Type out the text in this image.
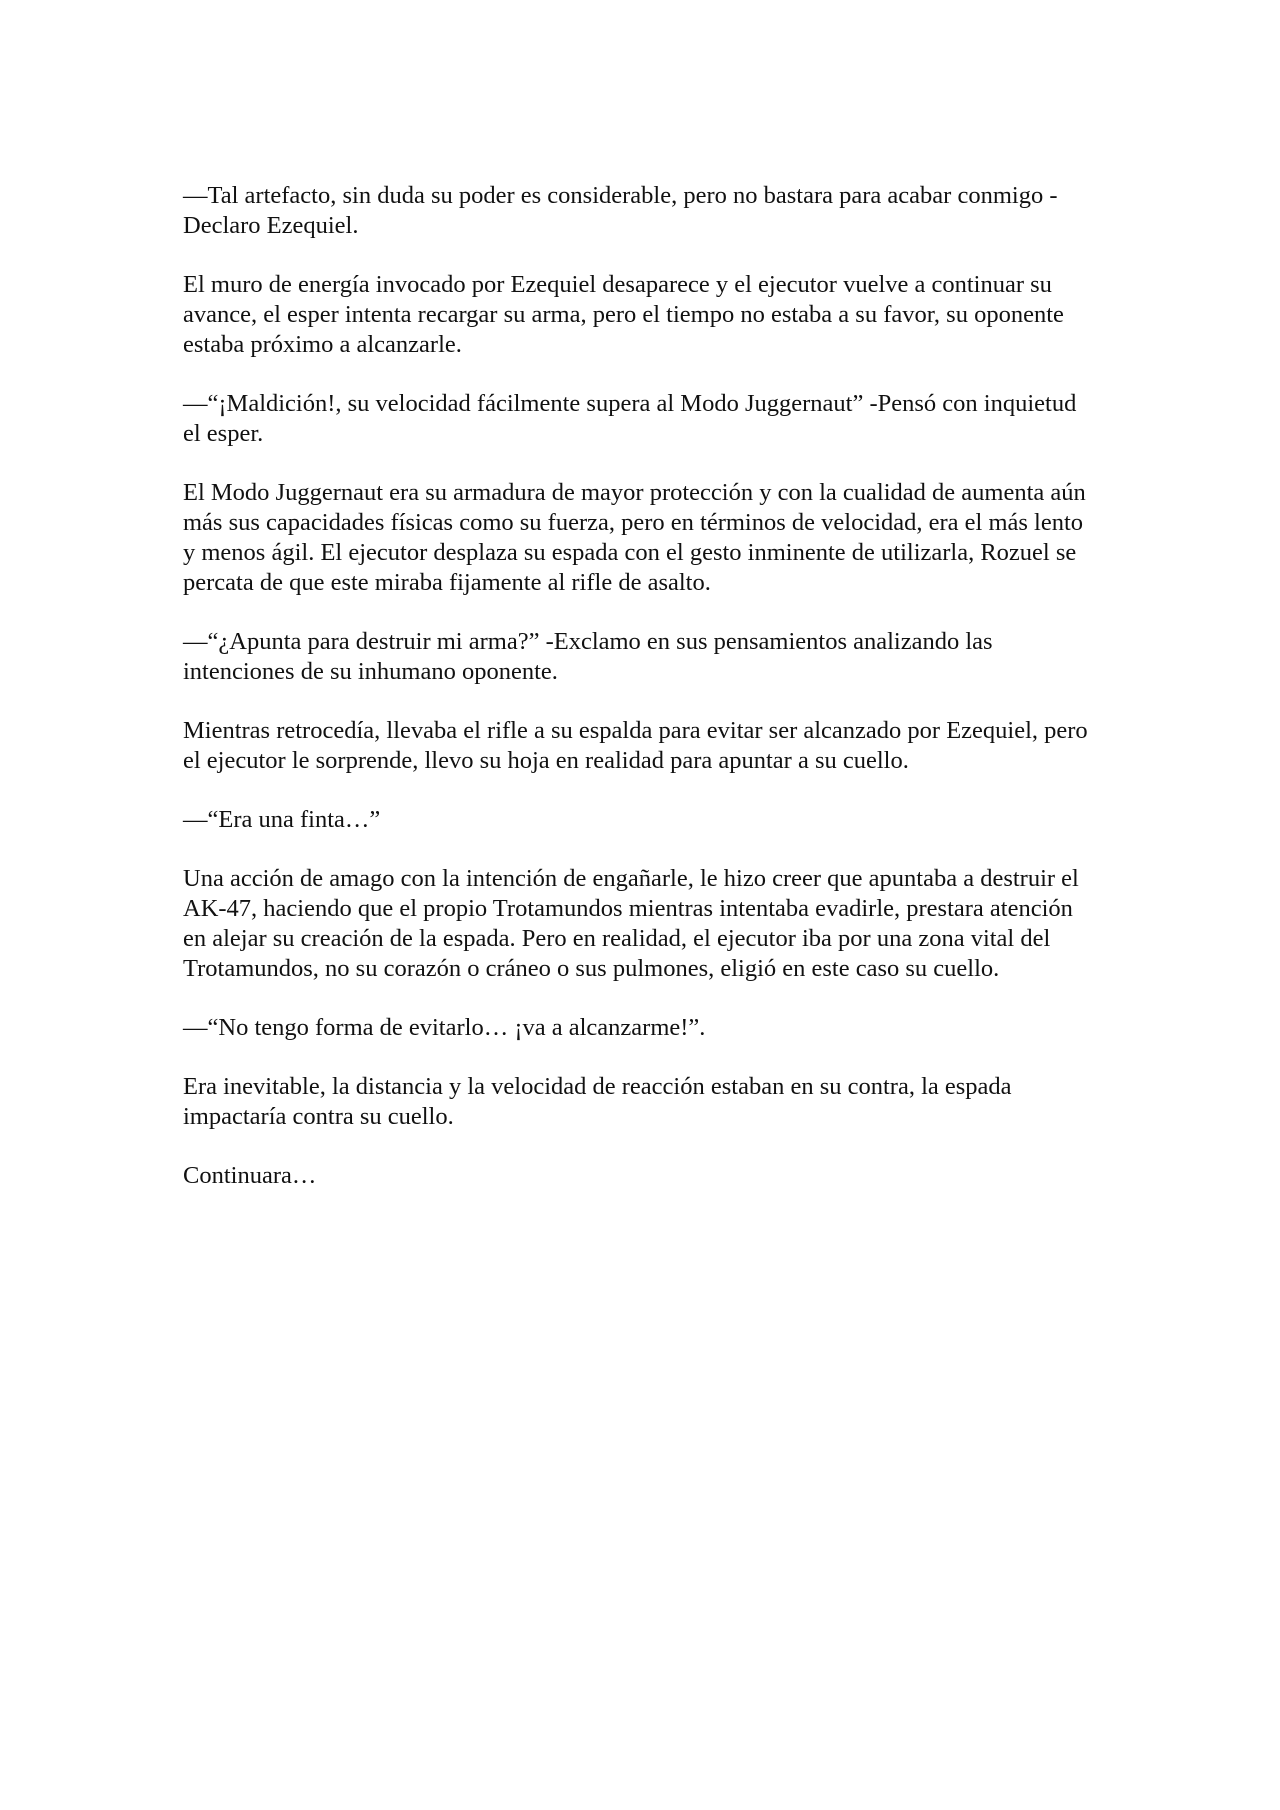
—Tal artefacto, sin duda su poder es considerable, pero no bastara para acabar conmigo -Declaro Ezequiel.

El muro de energía invocado por Ezequiel desaparece y el ejecutor vuelve a continuar su avance, el esper intenta recargar su arma, pero el tiempo no estaba a su favor, su oponente estaba próximo a alcanzarle.

—“¡Maldición!, su velocidad fácilmente supera al Modo Juggernaut” -Pensó con inquietud el esper.

El Modo Juggernaut era su armadura de mayor protección y con la cualidad de aumenta aún más sus capacidades físicas como su fuerza, pero en términos de velocidad, era el más lento y menos ágil. El ejecutor desplaza su espada con el gesto inminente de utilizarla, Rozuel se percata de que este miraba fijamente al rifle de asalto.

—“¿Apunta para destruir mi arma?” -Exclamo en sus pensamientos analizando las intenciones de su inhumano oponente.

Mientras retrocedía, llevaba el rifle a su espalda para evitar ser alcanzado por Ezequiel, pero el ejecutor le sorprende, llevo su hoja en realidad para apuntar a su cuello.

—“Era una finta…”

Una acción de amago con la intención de engañarle, le hizo creer que apuntaba a destruir el AK-47, haciendo que el propio Trotamundos mientras intentaba evadirle, prestara atención en alejar su creación de la espada. Pero en realidad, el ejecutor iba por una zona vital del Trotamundos, no su corazón o cráneo o sus pulmones, eligió en este caso su cuello.

—“No tengo forma de evitarlo… ¡va a alcanzarme!”.

Era inevitable, la distancia y la velocidad de reacción estaban en su contra, la espada impactaría contra su cuello.

Continuara…
